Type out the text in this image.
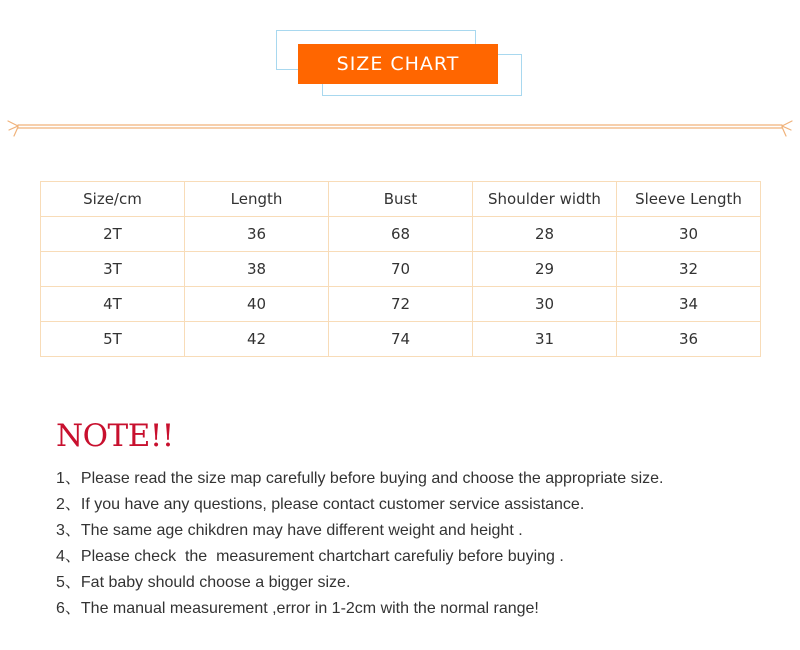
SIZE CHART
Size/cm	Length	Bust	Shoulder width	Sleeve Length
2T	36	68	28	30
3T	38	70	29	32
4T	40	72	30	34
5T	42	74	31	36
NOTE!!
1、Please read the size map carefully before buying and choose the appropriate size.
2、If you have any questions, please contact customer service assistance.
3、The same age chikdren may have different weight and height .
4、Please check  the  measurement chartchart carefuliy before buying .
5、Fat baby should choose a bigger size.
6、The manual measurement ,error in 1-2cm with the normal range!
